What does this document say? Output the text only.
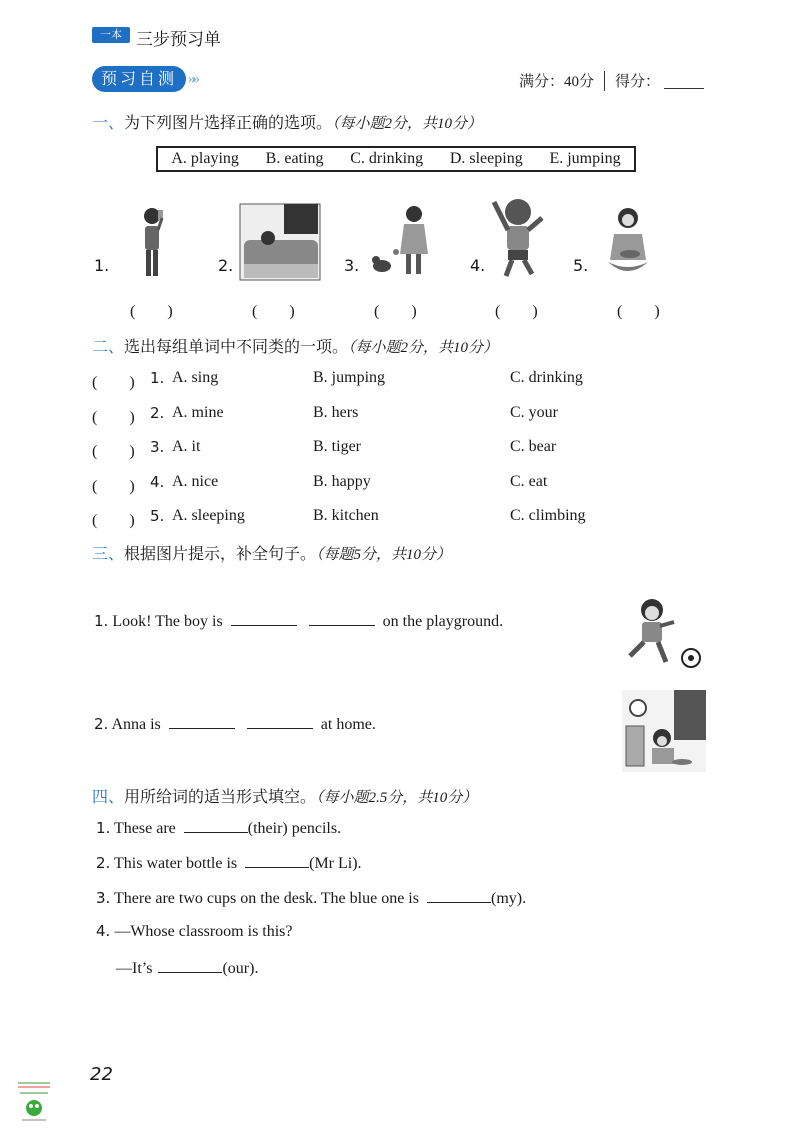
一本 三步预习单
预习自测 »»	满分：40分 得分：
一、为下列图片选择正确的选项。（每小题2分，共10分）
A. playing B. eating C. drinking D. sleeping E. jumping
1.	2.	3.	4.	5.
(　　)	(　　)	(　　)	(　　)	(　　)
二、选出每组单词中不同类的一项。（每小题2分，共10分）
(　　) 1. A. sing	B. jumping	C. drinking
(　　) 2. A. mine	B. hers	C. your
(　　) 3. A. it	B. tiger	C. bear
(　　) 4. A. nice	B. happy	C. eat
(　　) 5. A. sleeping	B. kitchen	C. climbing
三、根据图片提示，补全句子。（每题5分，共10分）
1. Look! The boy is	on the playground.
2. Anna is	at home.
四、用所给词的适当形式填空。（每小题2.5分，共10分）
1. These are	(their) pencils.
2. This water bottle is	(Mr Li).
3. There are two cups on the desk. The blue one is	(my).
4. —Whose classroom is this?
—It’s	(our).
22
